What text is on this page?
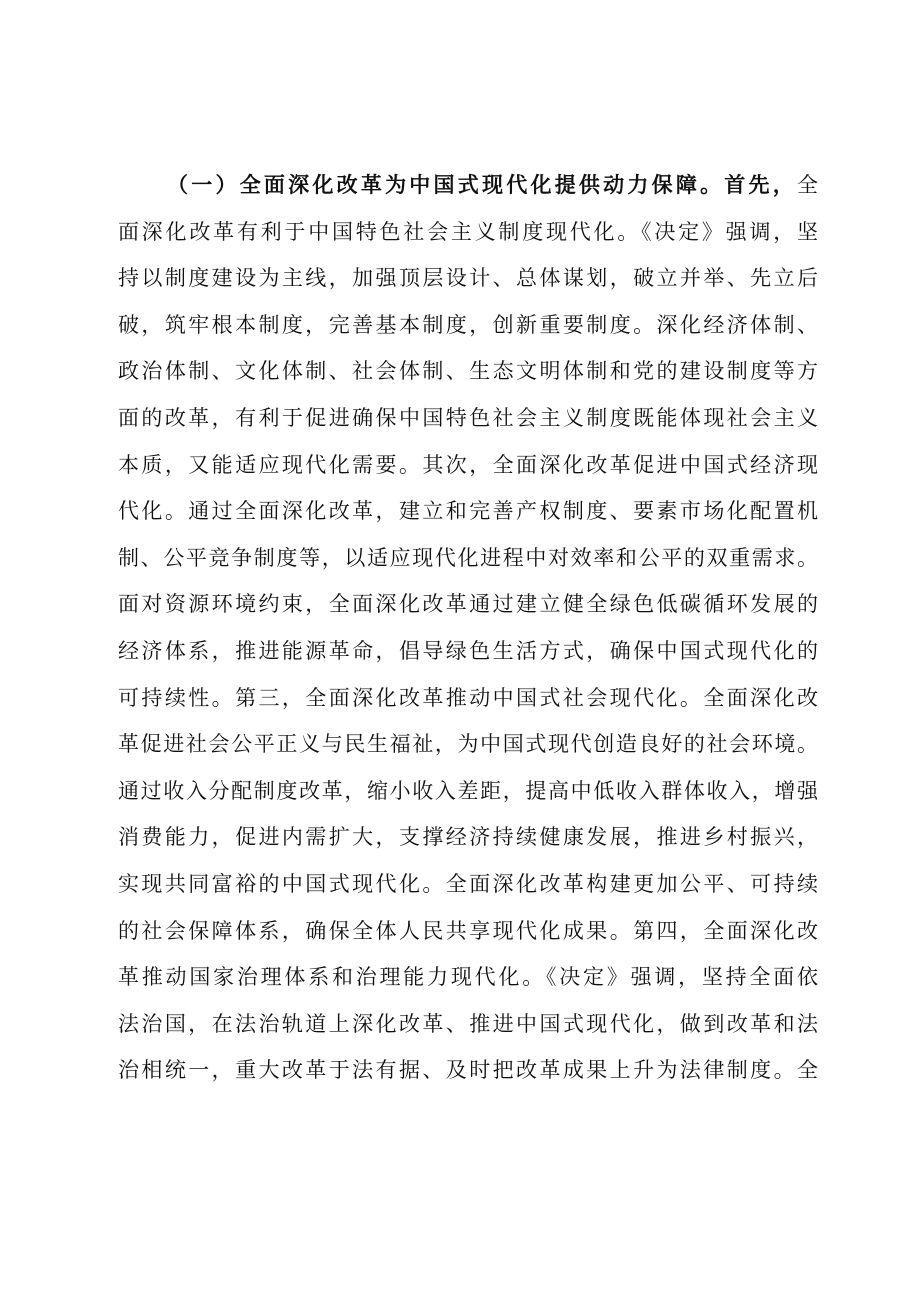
（一）全面深化改革为中国式现代化提供动力保障。首先，全
面深化改革有利于中国特色社会主义制度现代化。《决定》强调，坚
持以制度建设为主线，加强顶层设计、总体谋划，破立并举、先立后
破，筑牢根本制度，完善基本制度，创新重要制度。深化经济体制、
政治体制、文化体制、社会体制、生态文明体制和党的建设制度等方
面的改革，有利于促进确保中国特色社会主义制度既能体现社会主义
本质，又能适应现代化需要。其次，全面深化改革促进中国式经济现
代化。通过全面深化改革，建立和完善产权制度、要素市场化配置机
制、公平竞争制度等，以适应现代化进程中对效率和公平的双重需求。
面对资源环境约束，全面深化改革通过建立健全绿色低碳循环发展的
经济体系，推进能源革命，倡导绿色生活方式，确保中国式现代化的
可持续性。第三，全面深化改革推动中国式社会现代化。全面深化改
革促进社会公平正义与民生福祉，为中国式现代创造良好的社会环境。
通过收入分配制度改革，缩小收入差距，提高中低收入群体收入，增强
消费能力，促进内需扩大，支撑经济持续健康发展，推进乡村振兴，
实现共同富裕的中国式现代化。全面深化改革构建更加公平、可持续
的社会保障体系，确保全体人民共享现代化成果。第四，全面深化改
革推动国家治理体系和治理能力现代化。《决定》强调，坚持全面依
法治国，在法治轨道上深化改革、推进中国式现代化，做到改革和法
治相统一，重大改革于法有据、及时把改革成果上升为法律制度。全
